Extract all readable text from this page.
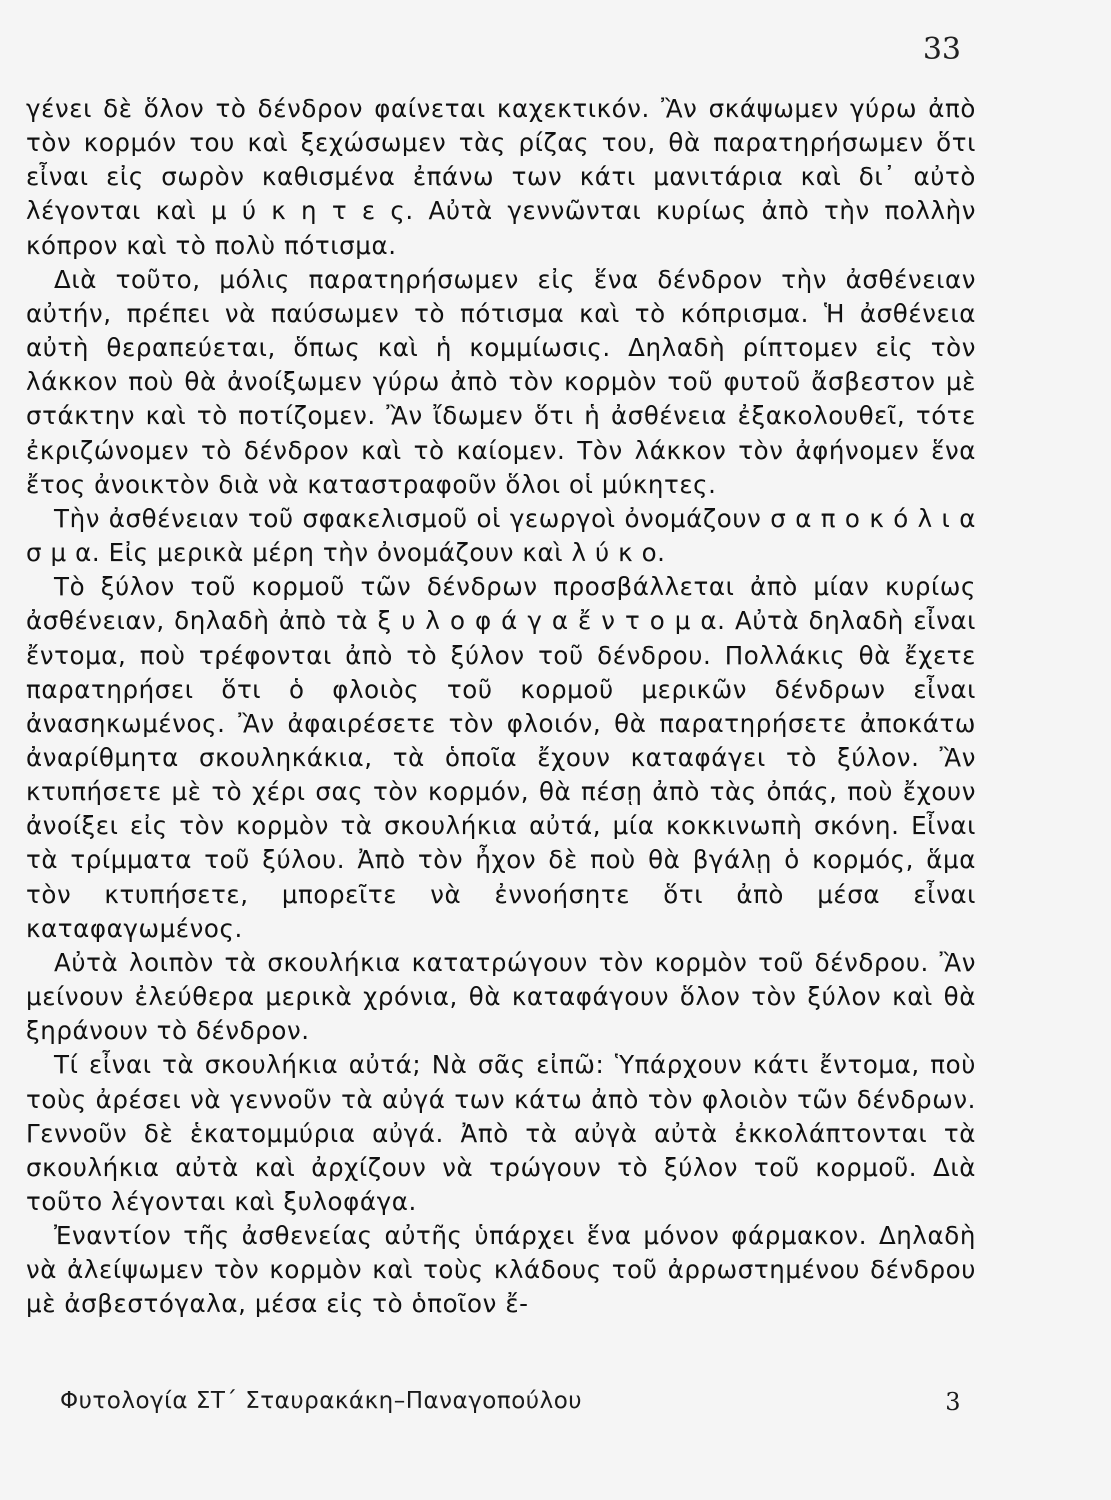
33

γένει δὲ ὅλον τὸ δένδρον φαίνεται καχεκτικόν. Ἂν σκάψωμεν γύρω ἀπὸ τὸν κορμόν του καὶ ξεχώσωμεν τὰς ρίζας του, θὰ παρατηρήσωμεν ὅτι εἶναι εἰς σωρὸν καθισμένα ἐπάνω των κάτι μανιτάρια καὶ δι᾽ αὐτὸ λέγονται καὶ μ ύ κ η τ ε ς. Αὐτὰ γεννῶνται κυρίως ἀπὸ τὴν πολλὴν κόπρον καὶ τὸ πολὺ πότισμα.

Διὰ τοῦτο, μόλις παρατηρήσωμεν εἰς ἕνα δένδρον τὴν ἀσθένειαν αὐτήν, πρέπει νὰ παύσωμεν τὸ πότισμα καὶ τὸ κόπρισμα. Ἡ ἀσθένεια αὐτὴ θεραπεύεται, ὅπως καὶ ἡ κομμίωσις. Δηλαδὴ ρίπτομεν εἰς τὸν λάκκον ποὺ θὰ ἀνοίξωμεν γύρω ἀπὸ τὸν κορμὸν τοῦ φυτοῦ ἄσβεστον μὲ στάκτην καὶ τὸ ποτίζομεν. Ἂν ἴδωμεν ὅτι ἡ ἀσθένεια ἐξακολουθεῖ, τότε ἐκριζώνομεν τὸ δένδρον καὶ τὸ καίομεν. Τὸν λάκκον τὸν ἀφήνομεν ἕνα ἔτος ἀνοικτὸν διὰ νὰ καταστραφοῦν ὅλοι οἱ μύκητες.

Τὴν ἀσθένειαν τοῦ σφακελισμοῦ οἱ γεωργοὶ ὀνομάζουν σ α π ο κ ό λ ι α σ μ α. Εἰς μερικὰ μέρη τὴν ὀνομάζουν καὶ λ ύ κ ο.

Τὸ ξύλον τοῦ κορμοῦ τῶν δένδρων προσβάλλεται ἀπὸ μίαν κυρίως ἀσθένειαν, δηλαδὴ ἀπὸ τὰ ξ υ λ ο φ ά γ α ἔ ν τ ο μ α. Αὐτὰ δηλαδὴ εἶναι ἔντομα, ποὺ τρέφονται ἀπὸ τὸ ξύλον τοῦ δένδρου. Πολλάκις θὰ ἔχετε παρατηρήσει ὅτι ὁ φλοιὸς τοῦ κορμοῦ μερικῶν δένδρων εἶναι ἀνασηκωμένος. Ἂν ἀφαιρέσετε τὸν φλοιόν, θὰ παρατηρήσετε ἀποκάτω ἀναρίθμητα σκουληκάκια, τὰ ὁποῖα ἔχουν καταφάγει τὸ ξύλον. Ἂν κτυπήσετε μὲ τὸ χέρι σας τὸν κορμόν, θὰ πέσῃ ἀπὸ τὰς ὀπάς, ποὺ ἔχουν ἀνοίξει εἰς τὸν κορμὸν τὰ σκουλήκια αὐτά, μία κοκκινωπὴ σκόνη. Εἶναι τὰ τρίμματα τοῦ ξύλου. Ἀπὸ τὸν ἦχον δὲ ποὺ θὰ βγάλῃ ὁ κορμός, ἅμα τὸν κτυπήσετε, μπορεῖτε νὰ ἐννοήσητε ὅτι ἀπὸ μέσα εἶναι καταφαγωμένος.

Αὐτὰ λοιπὸν τὰ σκουλήκια κατατρώγουν τὸν κορμὸν τοῦ δένδρου. Ἂν μείνουν ἐλεύθερα μερικὰ χρόνια, θὰ καταφάγουν ὅλον τὸν ξύλον καὶ θὰ ξηράνουν τὸ δένδρον.

Τί εἶναι τὰ σκουλήκια αὐτά; Νὰ σᾶς εἰπῶ: Ὑπάρχουν κάτι ἔντομα, ποὺ τοὺς ἀρέσει νὰ γεννοῦν τὰ αὐγά των κάτω ἀπὸ τὸν φλοιὸν τῶν δένδρων. Γεννοῦν δὲ ἑκατομμύρια αὐγά. Ἀπὸ τὰ αὐγὰ αὐτὰ ἐκκολάπτονται τὰ σκουλήκια αὐτὰ καὶ ἀρχίζουν νὰ τρώγουν τὸ ξύλον τοῦ κορμοῦ. Διὰ τοῦτο λέγονται καὶ ξυλοφάγα.

Ἐναντίον τῆς ἀσθενείας αὐτῆς ὑπάρχει ἕνα μόνον φάρμακον. Δηλαδὴ νὰ ἀλείψωμεν τὸν κορμὸν καὶ τοὺς κλάδους τοῦ ἀρρωστημένου δένδρου μὲ ἀσβεστόγαλα, μέσα εἰς τὸ ὁποῖον ἔ-

Φυτολογία ΣΤ΄ Σταυρακάκη–Παναγοπούλου	3
